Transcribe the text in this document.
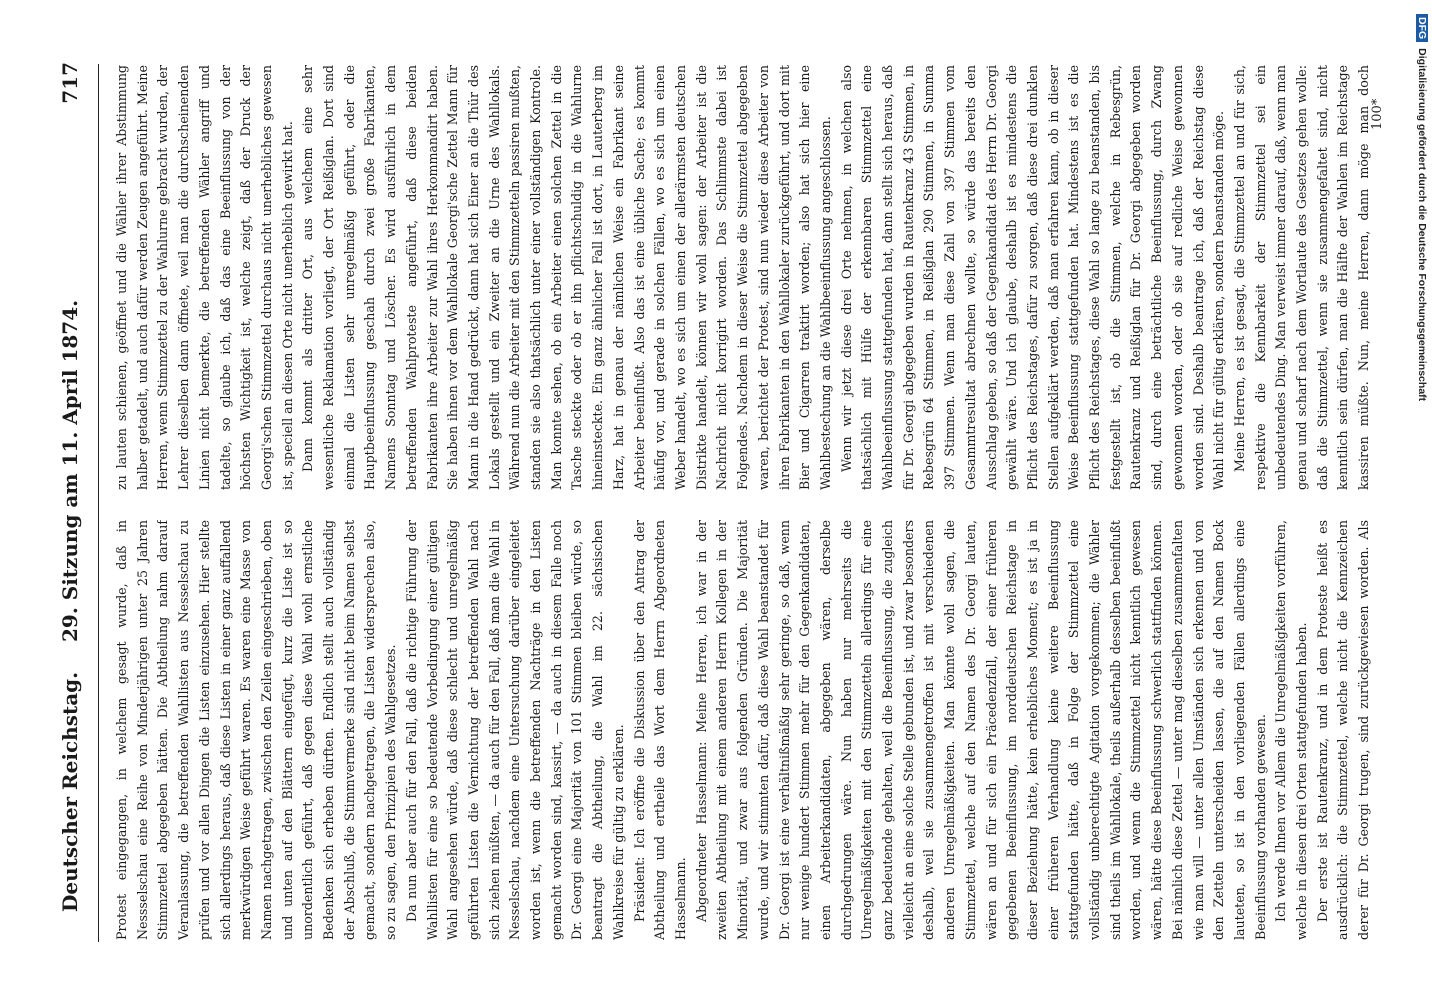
Deutscher Reichstag.
29. Sitzung am 11. April 1874.
717

Protest eingegangen, in welchem gesagt wurde, daß in Nessselschau eine Reihe von Minderjährigen unter 25 Jahren Stimmzettel abgegeben hätten. Die Abtheilung nahm darauf Veranlassung, die betreffenden Wahllisten aus Nesselschau zu prüfen und vor allen Dingen die Listen einzusehen. Hier stellte sich allerdings heraus, daß diese Listen in einer ganz auffallend merkwürdigen Weise geführt waren. Es waren eine Masse von Namen nachgetragen, zwischen den Zeilen eingeschrieben, oben und unten auf den Blättern eingefügt, kurz die Liste ist so unordentlich geführt, daß gegen diese Wahl wohl ernstliche Bedenken sich erheben dürften. Endlich stellt auch vollständig der Abschluß, die Stimmvermerke sind nicht beim Namen selbst gemacht, sondern nachgetragen, die Listen widersprechen also, so zu sagen, den Prinzipien des Wahlgesetzes. Da nun aber auch für den Fall, daß die richtige Führung der Wahllisten für eine so bedeutende Vorbedingung einer gültigen Wahl angesehen würde, daß diese schlecht und unregelmäßig geführten Listen die Vernichtung der betreffenden Wahl nach sich ziehen müßten, — da auch für den Fall, daß man die Wahl in Nesselschau, nachdem eine Untersuchung darüber eingeleitet worden ist, wenn die betreffenden Nachträge in den Listen gemacht worden sind, kassirt, — da auch in diesem Falle noch Dr. Georgi eine Majorität von 101 Stimmen bleiben würde, so beantragt die Abtheilung, die Wahl im 22. sächsischen Wahlkreise für gültig zu erklären. Präsident: Ich eröffne die Diskussion über den Antrag der Abtheilung und ertheile das Wort dem Herrn Abgeordneten Hasselmann. Abgeordneter Hasselmann: Meine Herren, ich war in der zweiten Abtheilung mit einem anderen Herrn Kollegen in der Minorität, und zwar aus folgenden Gründen. Die Majorität wurde, und wir stimmten dafür, daß diese Wahl beanstandet für Dr. Georgi ist eine verhältnißmäßig sehr geringe, so daß, wenn nur wenige hundert Stimmen mehr für den Gegenkandidaten, einen Arbeiterkandidaten, abgegeben wären, derselbe durchgedrungen wäre. Nun haben nur mehrseits die Unregelmäßigkeiten mit den Stimmzetteln allerdings für eine ganz bedeutende gehalten, weil die Beeinflussung, die zugleich vielleicht an eine solche Stelle gebunden ist, und zwar besonders deshalb, weil sie zusammengetroffen ist mit verschiedenen anderen Unregelmäßigkeiten. Man könnte wohl sagen, die Stimmzettel, welche auf den Namen des Dr. Georgi lauten, wären an und für sich ein Präcedenzfall, der einer früheren gegebenen Beeinflussung, im norddeutschen Reichstage in dieser Beziehung hätte, kein erhebliches Moment; es ist ja in einer früheren Verhandlung keine weitere Beeinflussung stattgefunden hätte, daß in Folge der Stimmzettel eine vollständig unberechtigte Agitation vorgekommen; die Wähler sind theils im Wahllokale, theils außerhalb desselben beeinflußt worden, und wenn die Stimmzettel nicht kenntlich gewesen wären, hätte diese Beeinflussung schwerlich stattfinden können. Bei nämlich diese Zettel — unter mag dieselben zusammenfalten wie man will — unter allen Umständen sich erkennen und von den Zetteln unterscheiden lassen, die auf den Namen Bock lauteten, so ist in den vorliegenden Fällen allerdings eine Beeinflussung vorhanden gewesen. Ich werde Ihnen vor Allem die Unregelmäßigkeiten vorführen, welche in diesen drei Orten stattgefunden haben. Der erste ist Rautenkranz, und in dem Proteste heißt es ausdrücklich: die Stimmzettel, welche nicht die Kennzeichen derer für Dr. Georgi trugen, sind zurückgewiesen worden. Als

zu lauten schienen, geöffnet und die Wähler ihrer Abstimmung halber getadelt, und auch dafür werden Zeugen angeführt. Meine Herren, wenn Stimmzettel zu der Wahlurne gebracht wurden, der Lehrer dieselben dann öffnete, weil man die durchscheinenden Linien nicht bemerkte, die betreffenden Wähler angriff und tadelte, so glaube ich, daß das eine Beeinflussung von der höchsten Wichtigkeit ist, welche zeigt, daß der Druck der Georgi'schen Stimmzettel durchaus nicht unerhebliches gewesen ist, speciell an diesen Orte nicht unerheblich gewirkt hat. Dann kommt als dritter Ort, aus welchem eine sehr wesentliche Reklamation vorliegt, der Ort Reißiglan. Dort sind einmal die Listen sehr unregelmäßig geführt, oder die Hauptbeeinflussung geschah durch zwei große Fabrikanten, Namens Sonntag und Löscher. Es wird ausführlich in dem betreffenden Wahlproteste angeführt, daß diese beiden Fabrikanten ihre Arbeiter zur Wahl ihres Herkommandirt haben. Sie haben ihnen vor dem Wahllokale Georgi'sche Zettel Mann für Mann in die Hand gedrückt, dann hat sich Einer an die Thür des Lokals gestellt und ein Zweiter an die Urne des Wahllokals. Während nun die Arbeiter mit den Stimmzetteln passiren mußten, standen sie also thatsächlich unter einer vollständigen Kontrole. Man konnte sehen, ob ein Arbeiter einen solchen Zettel in die Tasche steckte oder ob er ihn pflichtschuldig in die Wahlurne hineinsteckte. Ein ganz ähnlicher Fall ist dort, in Lauterberg im Harz, hat in genau der nämlichen Weise ein Fabrikant seine Arbeiter beeinflußt. Also das ist eine übliche Sache; es kommt häufig vor, und gerade in solchen Fällen, wo es sich um einen Weber handelt, wo es sich um einen der allerärmsten deutschen Distrikte handelt, können wir wohl sagen: der Arbeiter ist die Nachricht nicht korrigirt worden. Das Schlimmste dabei ist Folgendes. Nachdem in dieser Weise die Stimmzettel abgegeben waren, berichtet der Protest, sind nun wieder diese Arbeiter von ihren Fabrikanten in den Wahllokaler zurückgeführt, und dort mit Bier und Cigarren traktirt worden; also hat sich hier eine Wahlbestechung an die Wahlbeeinflussung angeschlossen. Wenn wir jetzt diese drei Orte nehmen, in welchen also thatsächlich mit Hülfe der erkennbaren Stimmzettel eine Wahlbeeinflussung stattgefunden hat, dann stellt sich heraus, daß für Dr. Georgi abgegeben wurden in Rautenkranz 43 Stimmen, in Rebesgrün 64 Stimmen, in Reißiglan 290 Stimmen, in Summa 397 Stimmen. Wenn man diese Zahl von 397 Stimmen vom Gesammtresultat abrechnen wollte, so würde das bereits den Ausschlag geben, so daß der Gegenkandidat des Herrn Dr. Georgi gewählt wäre. Und ich glaube, deshalb ist es mindestens die Pflicht des Reichstages, dafür zu sorgen, daß diese drei dunklen Stellen aufgeklärt werden, daß man erfahren kann, ob in dieser Weise Beeinflussung stattgefunden hat. Mindestens ist es die Pflicht des Reichstages, diese Wahl so lange zu beanstanden, bis festgestellt ist, ob die Stimmen, welche in Rebesgrün, Rautenkranz und Reißiglan für Dr. Georgi abgegeben worden sind, durch eine beträchtliche Beeinflussung, durch Zwang gewonnen worden, oder ob sie auf redliche Weise gewonnen worden sind. Deshalb beantrage ich, daß der Reichstag diese Wahl nicht für gültig erklären, sondern beanstanden möge. Meine Herren, es ist gesagt, die Stimmzettel an und für sich, respektive die Kennbarkeit der Stimmzettel sei ein unbedeutendes Ding. Man verweist immer darauf, daß, wenn man genau und scharf nach dem Wortlaute des Gesetzes gehen wolle: daß die Stimmzettel, wenn sie zusammengefaltet sind, nicht kenntlich sein dürfen, man die Hälfte der Wahlen im Reichstage kassiren müßte. Nun, meine Herren, dann möge man doch

100*
DFGDigitalisierung gefördert durch die Deutsche Forschungsgemeinschaft
